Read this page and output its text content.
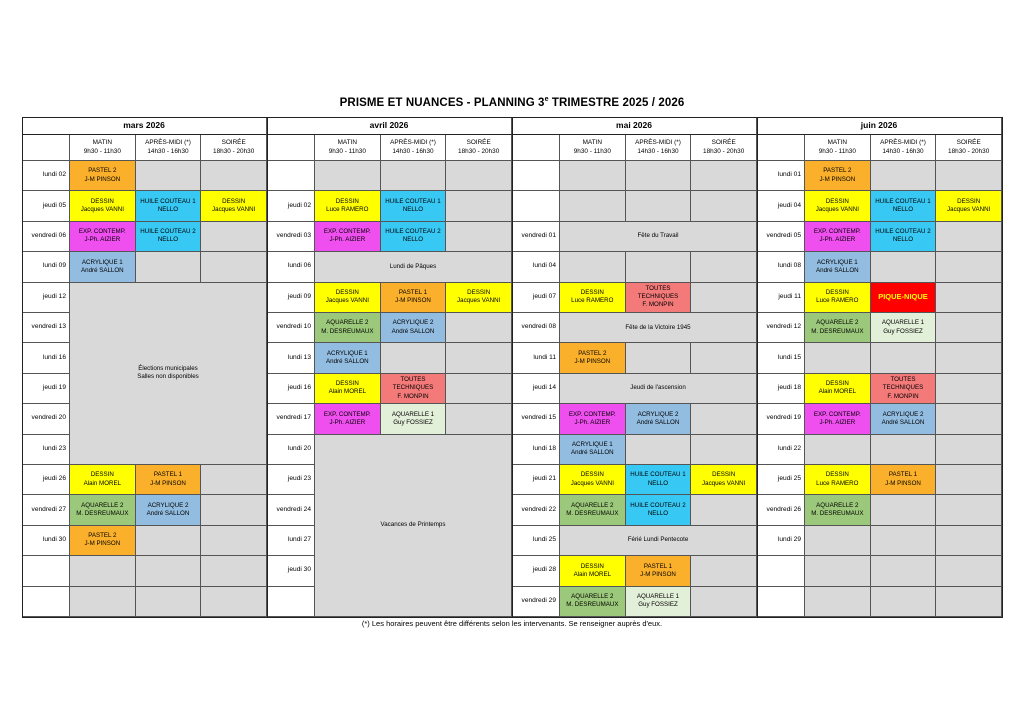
PRISME ET NUANCES - PLANNING 3e TRIMESTRE 2025 / 2026
mars 2026
MATIN
9h30 - 11h30
APRÈS-MIDI (*)
14h30 - 16h30
SOIRÉE
18h30 - 20h30
lundi 02
jeudi 05
vendredi 06
lundi 09
jeudi 12
vendredi 13
lundi 16
jeudi 19
vendredi 20
lundi 23
jeudi 26
vendredi 27
lundi 30
PASTEL 2
J-M PINSON
DESSIN
Jacques VANNI
HUILE COUTEAU 1
NELLO
DESSIN
Jacques VANNI
EXP. CONTEMP.
J-Ph. AIZIER
HUILE COUTEAU 2
NELLO
ACRYLIQUE 1
André SALLON
Élections municipales
Salles non disponibles
DESSIN
Alain MOREL
PASTEL 1
J-M PINSON
AQUARELLE 2
M. DESREUMAUX
ACRYLIQUE 2
André SALLON
PASTEL 2
J-M PINSON
avril 2026
MATIN
9h30 - 11h30
APRÈS-MIDI (*)
14h30 - 16h30
SOIRÉE
18h30 - 20h30
jeudi 02
vendredi 03
lundi 06
jeudi 09
vendredi 10
lundi 13
jeudi 16
vendredi 17
lundi 20
jeudi 23
vendredi 24
lundi 27
jeudi 30
DESSIN
Luce RAMERO
HUILE COUTEAU 1
NELLO
EXP. CONTEMP.
J-Ph. AIZIER
HUILE COUTEAU 2
NELLO
Lundi de Pâques
DESSIN
Jacques VANNI
PASTEL 1
J-M PINSON
DESSIN
Jacques VANNI
AQUARELLE 2
M. DESREUMAUX
ACRYLIQUE 2
André SALLON
ACRYLIQUE 1
André SALLON
DESSIN
Alain MOREL
TOUTES
TECHNIQUES
F. MONPIN
EXP. CONTEMP.
J-Ph. AIZIER
AQUARELLE 1
Guy FOSSIEZ
Vacances de Printemps
mai 2026
MATIN
9h30 - 11h30
APRÈS-MIDI (*)
14h30 - 16h30
SOIRÉE
18h30 - 20h30
vendredi 01
lundi 04
jeudi 07
vendredi 08
lundi 11
jeudi 14
vendredi 15
lundi 18
jeudi 21
vendredi 22
lundi 25
jeudi 28
vendredi 29
Fête du Travail
DESSIN
Luce RAMERO
TOUTES
TECHNIQUES
F. MONPIN
Fête de la Victoire 1945
PASTEL 2
J-M PINSON
Jeudi de l'ascension
EXP. CONTEMP.
J-Ph. AIZIER
ACRYLIQUE 2
André SALLON
ACRYLIQUE 1
André SALLON
DESSIN
Jacques VANNI
HUILE COUTEAU 1
NELLO
DESSIN
Jacques VANNI
AQUARELLE 2
M. DESREUMAUX
HUILE COUTEAU 2
NELLO
Férié Lundi Pentecote
DESSIN
Alain MOREL
PASTEL 1
J-M PINSON
AQUARELLE 2
M. DESREUMAUX
AQUARELLE 1
Guy FOSSIEZ
juin 2026
MATIN
9h30 - 11h30
APRÈS-MIDI (*)
14h30 - 16h30
SOIRÉE
18h30 - 20h30
lundi 01
jeudi 04
vendredi 05
lundi 08
jeudi 11
vendredi 12
lundi 15
jeudi 18
vendredi 19
lundi 22
jeudi 25
vendredi 26
lundi 29
PASTEL 2
J-M PINSON
DESSIN
Jacques VANNI
HUILE COUTEAU 1
NELLO
DESSIN
Jacques VANNI
EXP. CONTEMP.
J-Ph. AIZIER
HUILE COUTEAU 2
NELLO
ACRYLIQUE 1
André SALLON
DESSIN
Luce RAMERO	PIQUE-NIQUE
AQUARELLE 2
M. DESREUMAUX
AQUARELLE 1
Guy FOSSIEZ
DESSIN
Alain MOREL
TOUTES
TECHNIQUES
F. MONPIN
EXP. CONTEMP.
J-Ph. AIZIER
ACRYLIQUE 2
André SALLON
DESSIN
Luce RAMERO
PASTEL 1
J-M PINSON
AQUARELLE 2
M. DESREUMAUX
(*) Les horaires peuvent être différents selon les intervenants. Se renseigner auprès d'eux.
